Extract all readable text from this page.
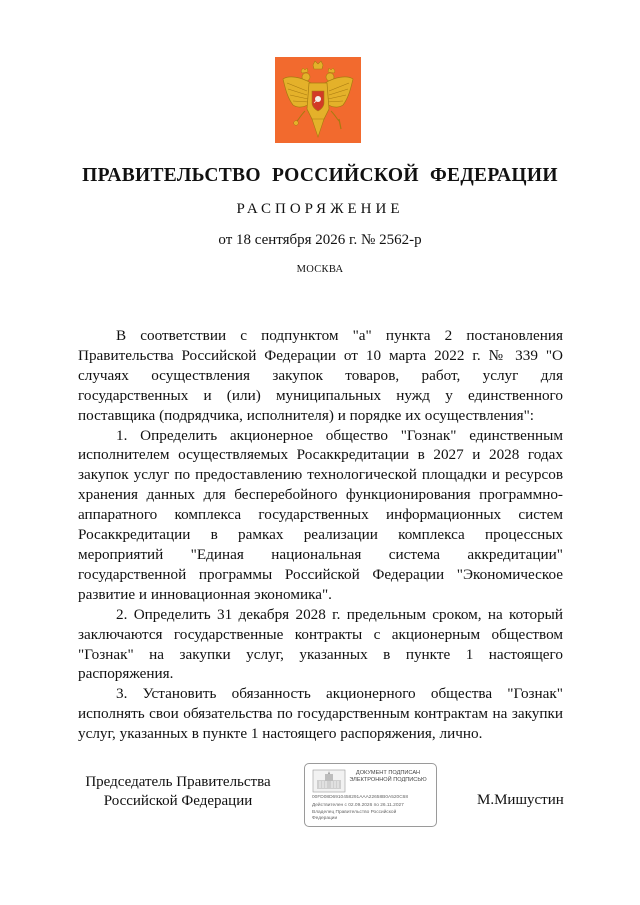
ПРАВИТЕЛЬСТВО РОССИЙСКОЙ ФЕДЕРАЦИИ
РАСПОРЯЖЕНИЕ
от 18 сентября 2026 г. № 2562-р
МОСКВА

В соответствии с подпунктом "а" пункта 2 постановления Правительства Российской Федерации от 10 марта 2022 г. № 339 "О случаях осуществления закупок товаров, работ, услуг для государственных и (или) муниципальных нужд у единственного поставщика (подрядчика, исполнителя) и порядке их осуществления":

1. Определить акционерное общество "Гознак" единственным исполнителем осуществляемых Росаккредитации в 2027 и 2028 годах закупок услуг по предоставлению технологической площадки и ресурсов хранения данных для бесперебойного функционирования программно-аппаратного комплекса государственных информационных систем Росаккредитации в рамках реализации комплекса процессных мероприятий "Единая национальная система аккредитации" государственной программы Российской Федерации "Экономическое развитие и инновационная экономика".

2. Определить 31 декабря 2028 г. предельным сроком, на который заключаются государственные контракты с акционерным обществом "Гознак" на закупки услуг, указанных в пункте 1 настоящего распоряжения.

3. Установить обязанность акционерного общества "Гознак" исполнять свои обязательства по государственным контрактам на закупки услуг, указанных в пункте 1 настоящего распоряжения, лично.

Председатель Правительства
Российской Федерации
ДОКУМЕНТ ПОДПИСАН
ЭЛЕКТРОННОЙ ПОДПИСЬЮ
00FD08D6910458291AAA22658B0A520C68
Действителен с 02.09.2026 по 26.11.2027
Владелец Правительство Российской
Федерации
М.Мишустин
